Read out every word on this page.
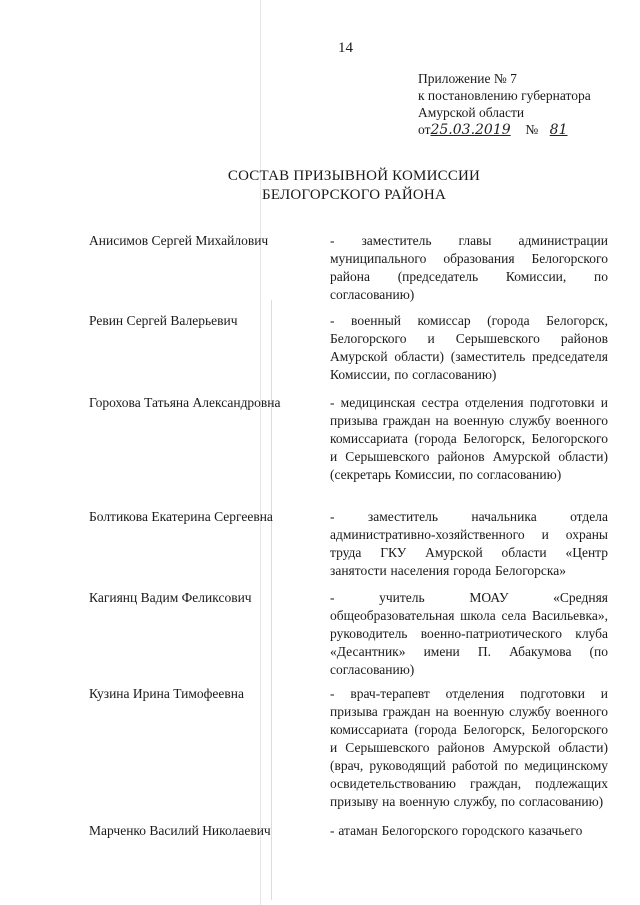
14
Приложение № 7
к постановлению губернатора
Амурской области
от25.03.2019 № 81
СОСТАВ ПРИЗЫВНОЙ КОМИССИИ
БЕЛОГОРСКОГО РАЙОНА
Анисимов Сергей Михайлович	- заместитель главы администрации муниципального образования Белогорского района (председатель Комиссии, по согласованию)
Ревин Сергей Валерьевич	- военный комиссар (города Белогорск, Белогорского и Серышевского районов Амурской области) (заместитель председателя Комиссии, по согласованию)
Горохова Татьяна Александровна	- медицинская сестра отделения подготовки и призыва граждан на военную службу военного комиссариата (города Белогорск, Белогорского и Серышевского районов Амурской области) (секретарь Комиссии, по согласованию)
Болтикова Екатерина Сергеевна	- заместитель начальника отдела административно-хозяйственного и охраны труда ГКУ Амурской области «Центр занятости населения города Белогорска»
Кагиянц Вадим Феликсович	- учитель МОАУ «Средняя общеобразовательная школа села Васильевка», руководитель военно-патриотического клуба «Десантник» имени П. Абакумова (по согласованию)
Кузина Ирина Тимофеевна	- врач-терапевт отделения подготовки и призыва граждан на военную службу военного комиссариата (города Белогорск, Белогорского и Серышевского районов Амурской области) (врач, руководящий работой по медицинскому освидетельствованию граждан, подлежащих призыву на военную службу, по согласованию)
Марченко Василий Николаевич	- атаман Белогорского городского казачьего
